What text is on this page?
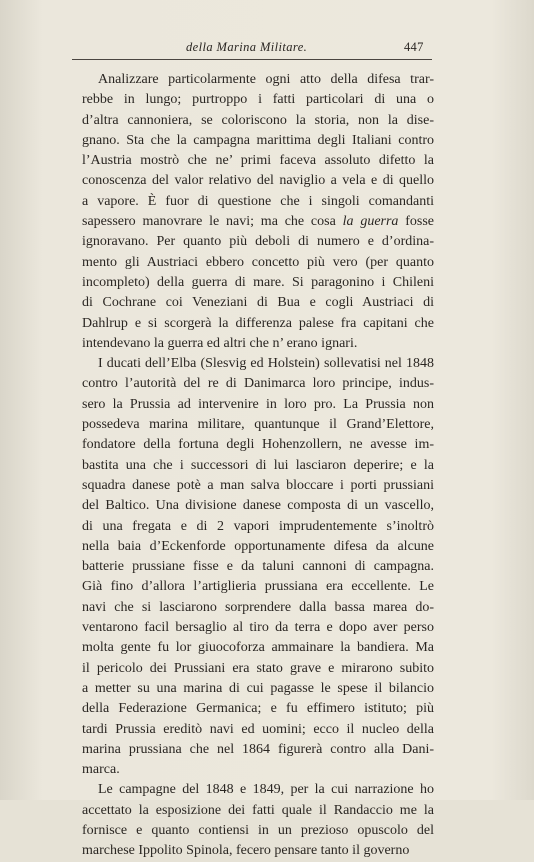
della Marina Militare.	447
Analizzare particolarmente ogni atto della difesa trar-
rebbe in lungo; purtroppo i fatti particolari di una o
d’altra cannoniera, se coloriscono la storia, non la dise-
gnano. Sta che la campagna marittima degli Italiani contro
l’Austria mostrò che ne’ primi faceva assoluto difetto la
conoscenza del valor relativo del naviglio a vela e di quello
a vapore. È fuor di questione che i singoli comandanti
sapessero manovrare le navi; ma che cosa la guerra fosse
ignoravano. Per quanto più deboli di numero e d’ordina-
mento gli Austriaci ebbero concetto più vero (per quanto
incompleto) della guerra di mare. Si paragonino i Chileni
di Cochrane coi Veneziani di Bua e cogli Austriaci di
Dahlrup e si scorgerà la differenza palese fra capitani che
intendevano la guerra ed altri che n’ erano ignari.
I ducati dell’Elba (Slesvig ed Holstein) sollevatisi nel 1848
contro l’autorità del re di Danimarca loro principe, indus-
sero la Prussia ad intervenire in loro pro. La Prussia non
possedeva marina militare, quantunque il Grand’Elettore,
fondatore della fortuna degli Hohenzollern, ne avesse im-
bastita una che i successori di lui lasciaron deperire; e la
squadra danese potè a man salva bloccare i porti prussiani
del Baltico. Una divisione danese composta di un vascello,
di una fregata e di 2 vapori imprudentemente s’inoltrò
nella baia d’Eckenforde opportunamente difesa da alcune
batterie prussiane fisse e da taluni cannoni di campagna.
Già fino d’allora l’artiglieria prussiana era eccellente. Le
navi che si lasciarono sorprendere dalla bassa marea do-
ventarono facil bersaglio al tiro da terra e dopo aver perso
molta gente fu lor giuocoforza ammainare la bandiera. Ma
il pericolo dei Prussiani era stato grave e mirarono subito
a metter su una marina di cui pagasse le spese il bilancio
della Federazione Germanica; e fu effimero istituto; più
tardi Prussia ereditò navi ed uomini; ecco il nucleo della
marina prussiana che nel 1864 figurerà contro alla Dani-
marca.
Le campagne del 1848 e 1849, per la cui narrazione ho
accettato la esposizione dei fatti quale il Randaccio me la
fornisce e quanto contiensi in un prezioso opuscolo del
marchese Ippolito Spinola, fecero pensare tanto il governo
